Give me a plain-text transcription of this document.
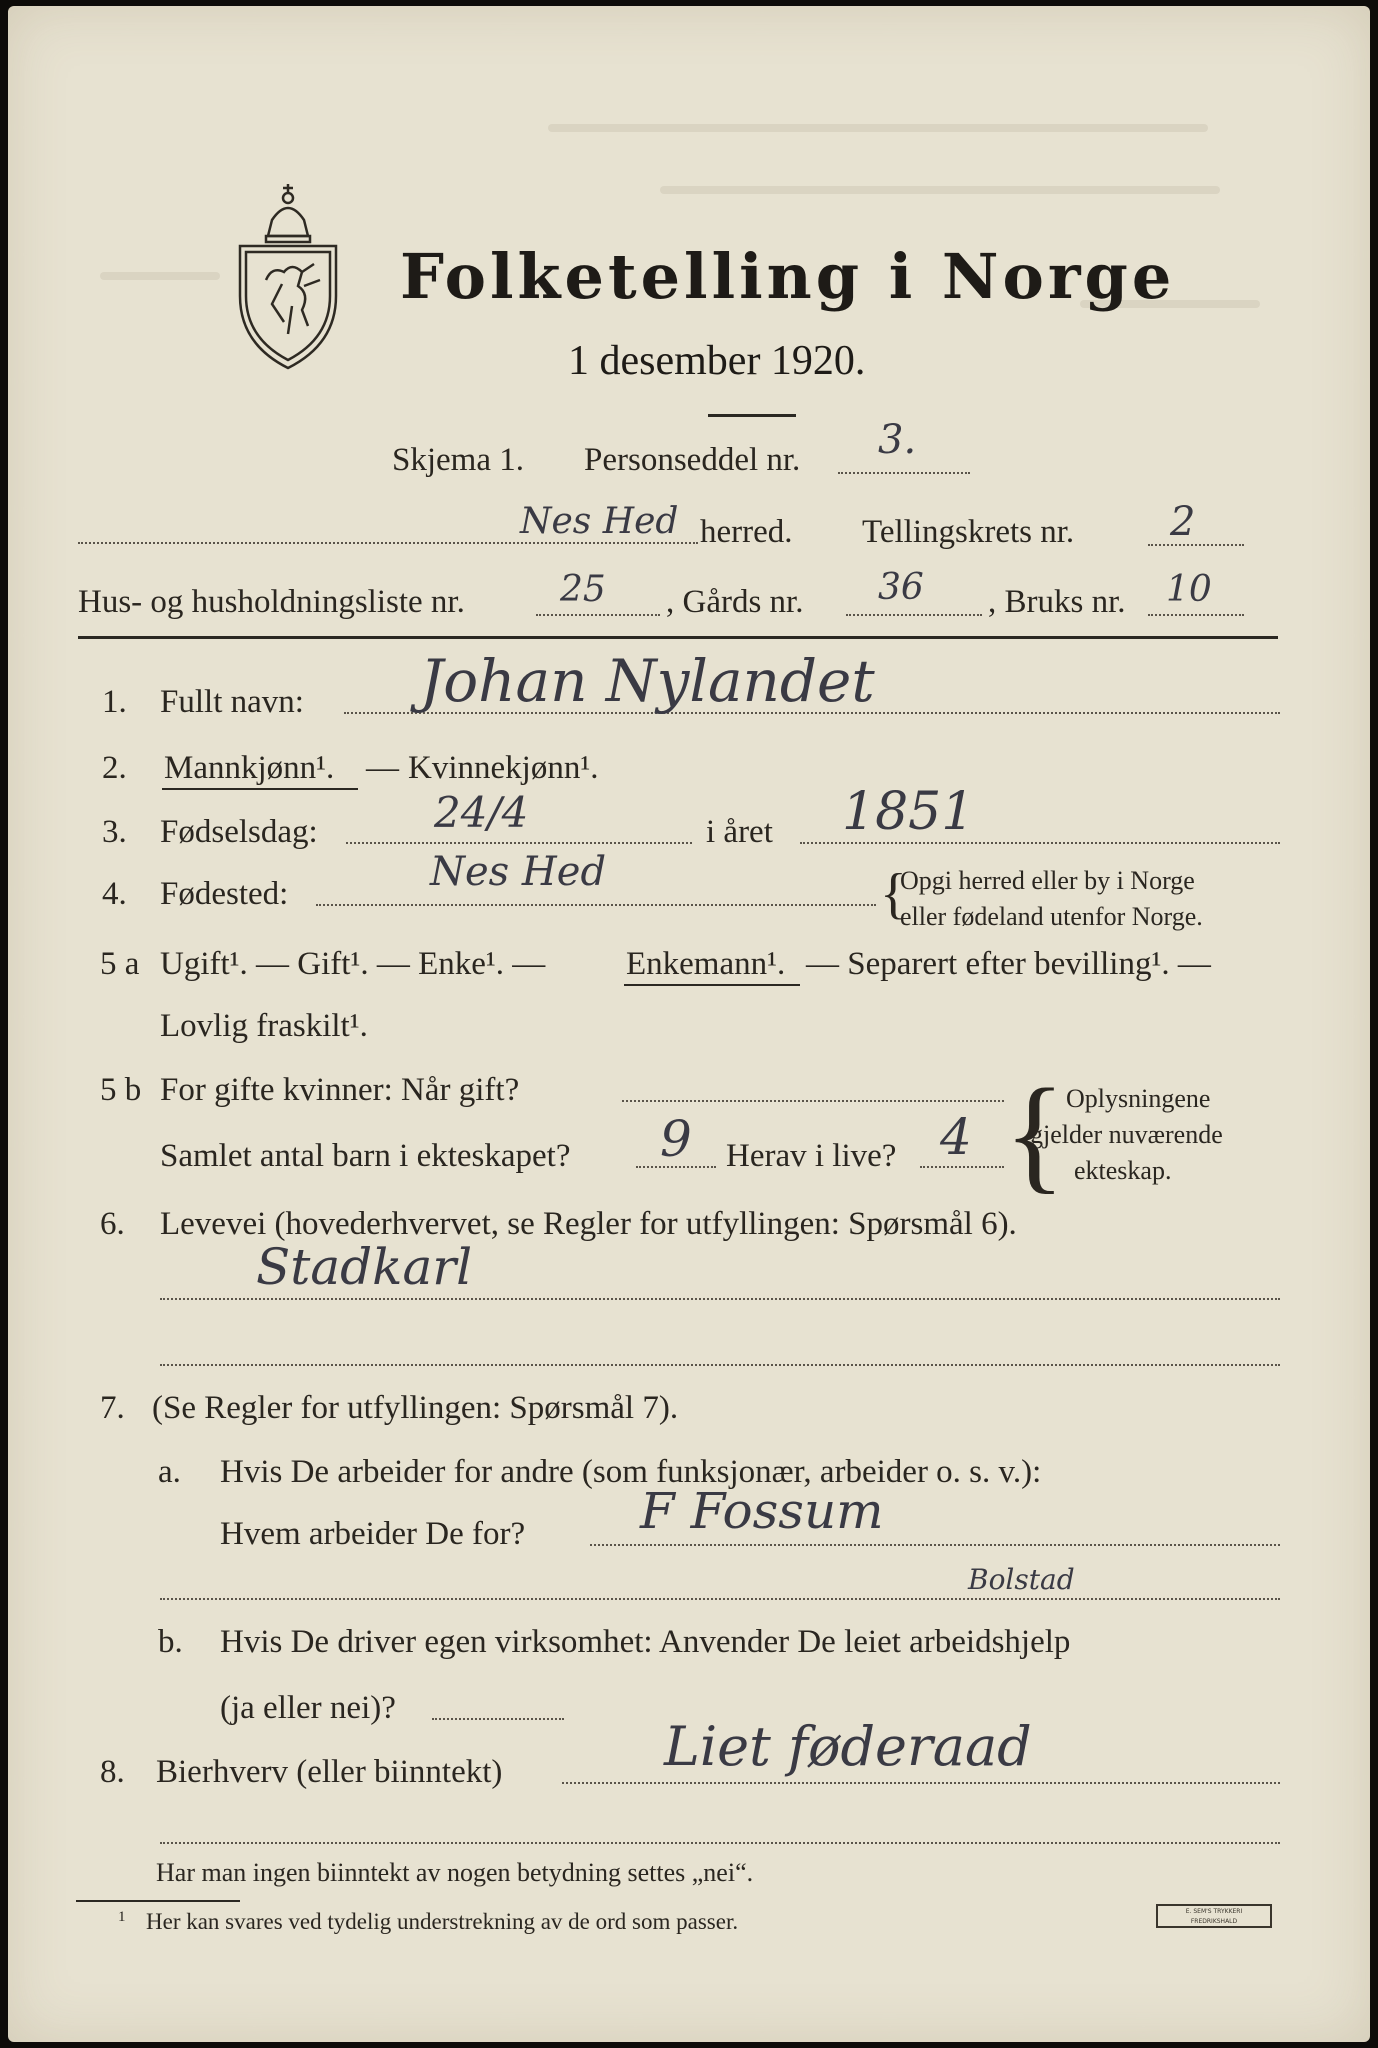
Folketelling i Norge
1 desember 1920.
Skjema 1. Personseddel nr. 3.
Nes Hed herred. Tellingskrets nr. 2
Hus- og husholdningsliste nr.	25 , Gårds nr. 36 , Bruks nr. 10
1. Fullt navn: Johan Nylandet
2. Mannkjønn¹. — Kvinnekjønn¹.
3. Fødselsdag:	24/4	i året 1851
4. Fødested:	Nes Hed	{
Opgi herred eller by i Norge
eller fødeland utenfor Norge.
5 a Ugift¹. — Gift¹. — Enke¹. — Enkemann¹. — Separert efter bevilling¹. —
Lovlig fraskilt¹.
5 b For gifte kvinner: Når gift?
Samlet antal barn i ekteskapet? 9 Herav i live? 4 { Oplysningene
gjelder nuværende
ekteskap.
6. Levevei (hovederhvervet, se Regler for utfyllingen: Spørsmål 6).
Stadkarl
7. (Se Regler for utfyllingen: Spørsmål 7).
a. Hvis De arbeider for andre (som funksjonær, arbeider o. s. v.):
Hvem arbeider De for? F Fossum
Bolstad
b. Hvis De driver egen virksomhet: Anvender De leiet arbeidshjelp
(ja eller nei)?
8. Bierhverv (eller biinntekt)	Liet føderaad
Har man ingen biinntekt av nogen betydning settes „nei“.
1 Her kan svares ved tydelig understrekning av de ord som passer.	E. SEM'S TRYKKERI
FREDRIKSHALD
